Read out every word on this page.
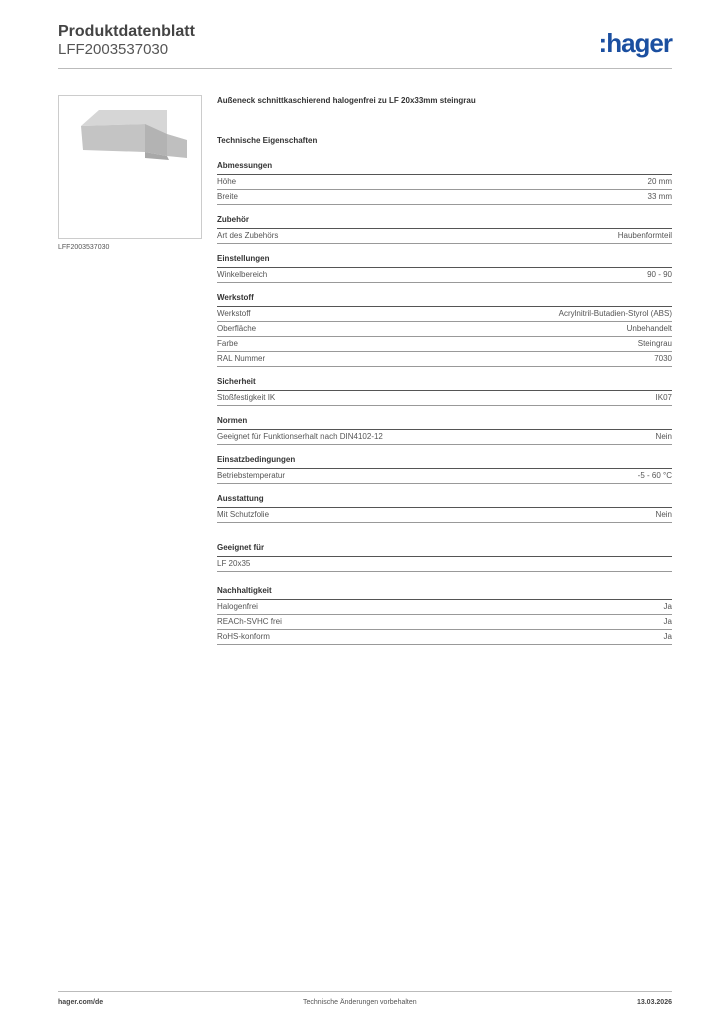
Produktdatenblatt
LFF2003537030	:hager
LFF2003537030
Außeneck schnittkaschierend halogenfrei zu LF 20x33mm steingrau
Technische Eigenschaften
Abmessungen
Höhe	20 mm
Breite	33 mm
Zubehör
Art des Zubehörs	Haubenformteil
Einstellungen
Winkelbereich	90 - 90
Werkstoff
Werkstoff	Acrylnitril-Butadien-Styrol (ABS)
Oberfläche	Unbehandelt
Farbe	Steingrau
RAL Nummer	7030
Sicherheit
Stoßfestigkeit IK	IK07
Normen
Geeignet für Funktionserhalt nach DIN4102-12	Nein
Einsatzbedingungen
Betriebstemperatur	-5 - 60 °C
Ausstattung
Mit Schutzfolie	Nein
Geeignet für
LF 20x35
Nachhaltigkeit
Halogenfrei	Ja
REACh-SVHC frei	Ja
RoHS-konform	Ja
hager.com/de	Technische Änderungen vorbehalten	13.03.2026
